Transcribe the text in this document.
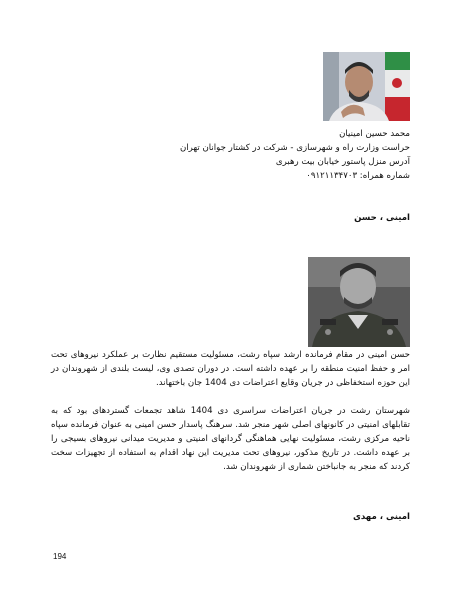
محمد حسین امینیان
حراست وزارت راه و شهرسازی - شرکت در کشتار جوانان تهران
آدرس منزل پاستور خیابان بیت رهبری
شماره همراه: ۰۹۱۲۱۱۳۴۷۰۳
امینی ، حسن
حسن امینی در مقام فرمانده ارشد سپاه رشت، مسئولیت مستقیم نظارت بر عملکرد نیروهای تحت امر و حفظ امنیت منطقه را بر عهده داشته است. در دوران تصدی وی، لیست بلندی از شهروندان در این حوزه استخفاظی در جریان وقایع اعتراضات دی 1404 جان باختهاند.
شهرستان رشت در جریان اعتراضات سراسری دی 1404 شاهد تجمعات گستردهای بود که به تقابلهای امنیتی در کانونهای اصلی شهر منجر شد. سرهنگ پاسدار حسن امینی به عنوان فرمانده سپاه ناحیه مرکزی رشت، مسئولیت نهایی هماهنگی گردانهای امنیتی و مدیریت میدانی نیروهای بسیجی را بر عهده داشت. در تاریخ مذکور، نیروهای تحت مدیریت این نهاد اقدام به استفاده از تجهیزات سخت کردند که منجر به جانباختن شماری از شهروندان شد.
امینی ، مهدی
194
